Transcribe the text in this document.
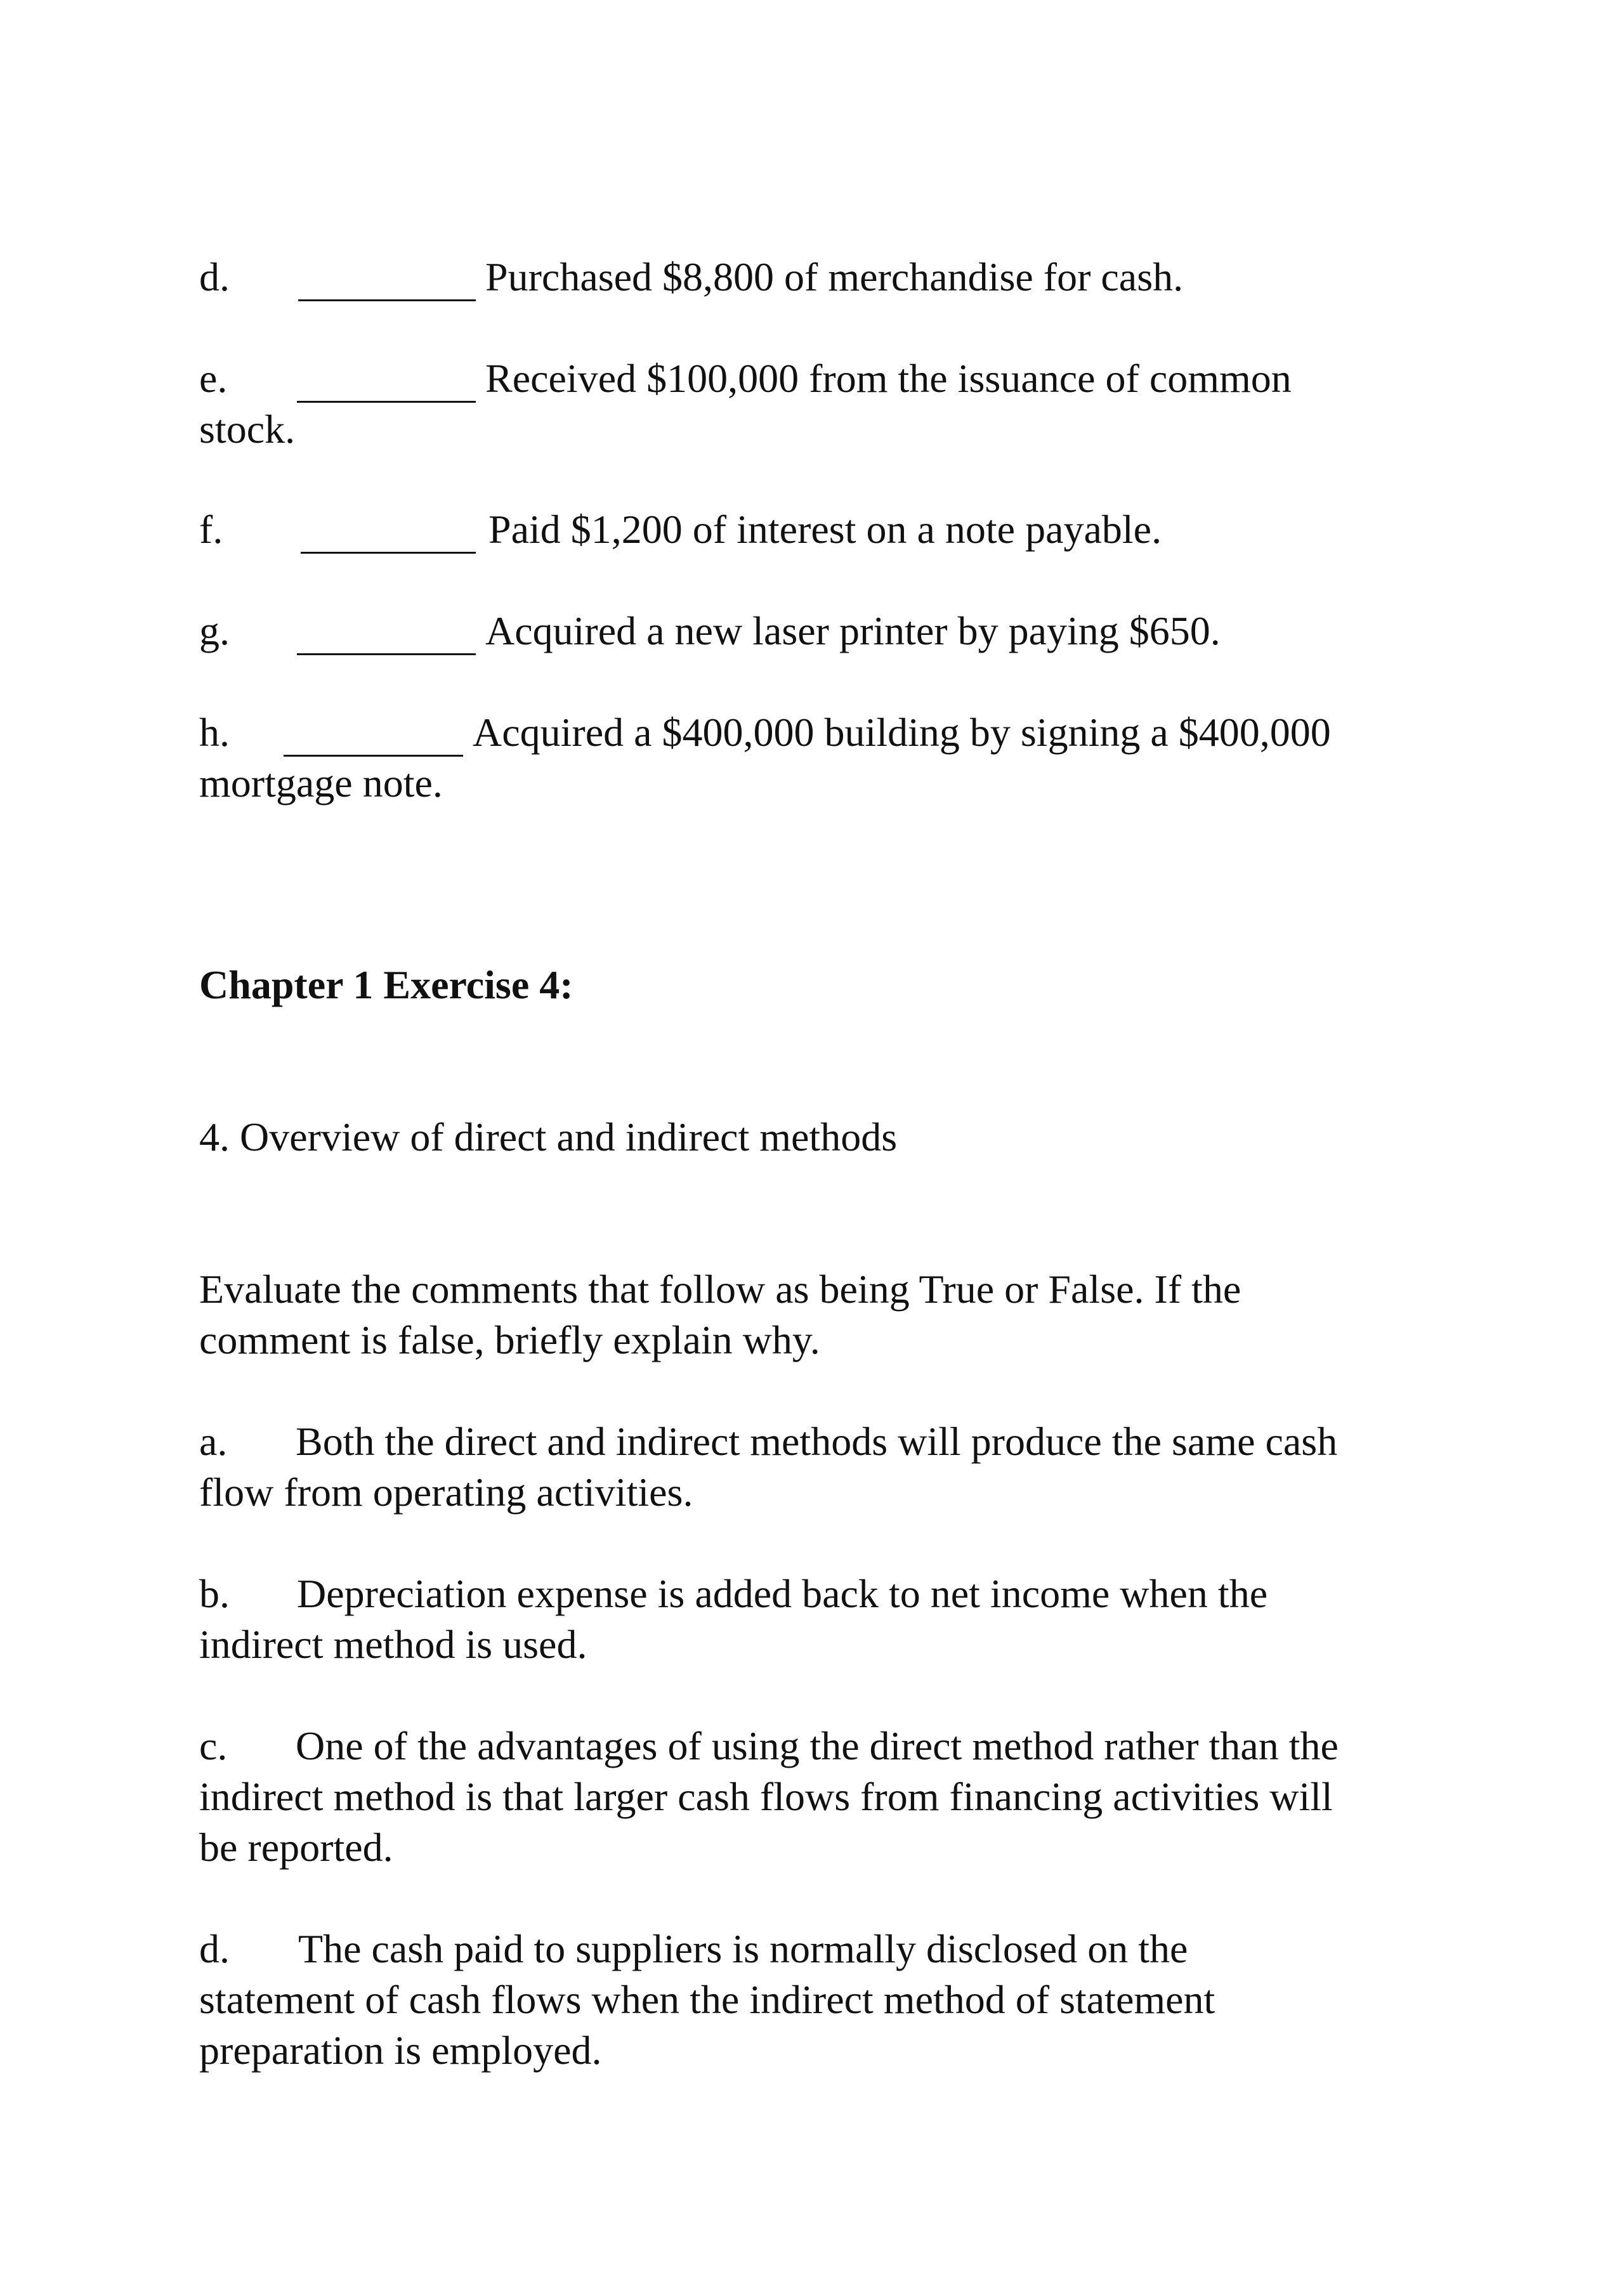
d.	Purchased $8,800 of merchandise for cash.
e.	Received $100,000 from the issuance of common
stock.
f.	Paid $1,200 of interest on a note payable.
g.	Acquired a new laser printer by paying $650.
h.	Acquired a $400,000 building by signing a $400,000
mortgage note.
Chapter 1 Exercise 4:
4. Overview of direct and indirect methods
Evaluate the comments that follow as being True or False. If the
comment is false, briefly explain why.
a. Both the direct and indirect methods will produce the same cash
flow from operating activities.
b. Depreciation expense is added back to net income when the
indirect method is used.
c. One of the advantages of using the direct method rather than the
indirect method is that larger cash flows from financing activities will
be reported.
d. The cash paid to suppliers is normally disclosed on the
statement of cash flows when the indirect method of statement
preparation is employed.
